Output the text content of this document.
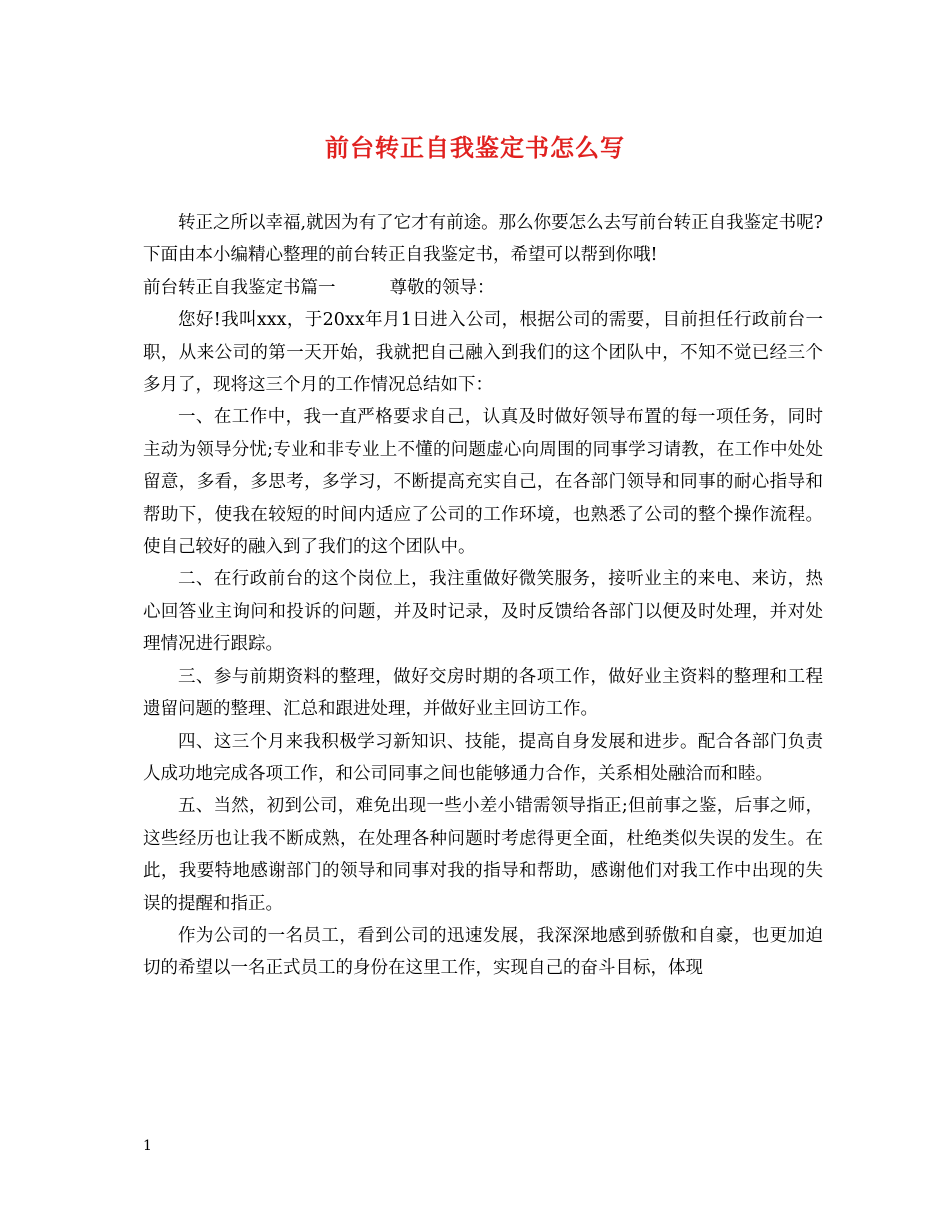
前台转正自我鉴定书怎么写

转正之所以幸福,就因为有了它才有前途。那么你要怎么去写前台转正自我鉴定书呢?下面由本小编精心整理的前台转正自我鉴定书，希望可以帮到你哦!

前台转正自我鉴定书篇一	尊敬的领导：

您好!我叫xxx，于20xx年月1日进入公司，根据公司的需要，目前担任行政前台一职，从来公司的第一天开始，我就把自己融入到我们的这个团队中，不知不觉已经三个多月了，现将这三个月的工作情况总结如下：

一、在工作中，我一直严格要求自己，认真及时做好领导布置的每一项任务，同时主动为领导分忧;专业和非专业上不懂的问题虚心向周围的同事学习请教，在工作中处处留意，多看，多思考，多学习，不断提高充实自己，在各部门领导和同事的耐心指导和帮助下，使我在较短的时间内适应了公司的工作环境，也熟悉了公司的整个操作流程。使自己较好的融入到了我们的这个团队中。

二、在行政前台的这个岗位上，我注重做好微笑服务，接听业主的来电、来访，热心回答业主询问和投诉的问题，并及时记录，及时反馈给各部门以便及时处理，并对处理情况进行跟踪。

三、参与前期资料的整理，做好交房时期的各项工作，做好业主资料的整理和工程遗留问题的整理、汇总和跟进处理，并做好业主回访工作。

四、这三个月来我积极学习新知识、技能，提高自身发展和进步。配合各部门负责人成功地完成各项工作，和公司同事之间也能够通力合作，关系相处融洽而和睦。

五、当然，初到公司，难免出现一些小差小错需领导指正;但前事之鉴，后事之师，这些经历也让我不断成熟，在处理各种问题时考虑得更全面，杜绝类似失误的发生。在此，我要特地感谢部门的领导和同事对我的指导和帮助，感谢他们对我工作中出现的失误的提醒和指正。

作为公司的一名员工，看到公司的迅速发展，我深深地感到骄傲和自豪，也更加迫切的希望以一名正式员工的身份在这里工作，实现自己的奋斗目标，体现

1
